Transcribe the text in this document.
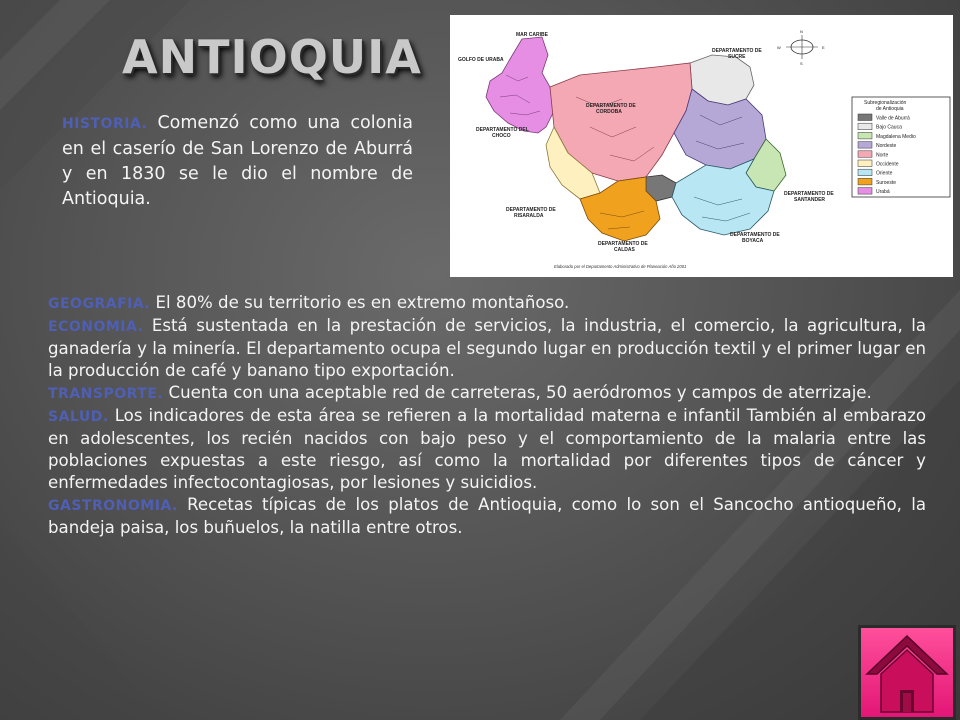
ANTIOQUIA
HISTORIA. Comenzó como una colonia en el caserío de San Lorenzo de Aburrá y en 1830 se le dio el nombre de Antioquia.
MAR CARIBE
GOLFO DE URABA
DEPARTAMENTO DE
SUCRE
DEPARTAMENTO DE
CORDOBA
DEPARTAMENTO DEL
CHOCO
DEPARTAMENTO DE
SANTANDER
DEPARTAMENTO DE
RISARALDA
DEPARTAMENTO DE
BOYACA
DEPARTAMENTO DE
CALDAS
Elaborado por el Departamento Administrativo de Planeación Año 2001
N
W	E
S
Subregionalización
de Antioquia
Valle de Aburrá
Bajo Cauca
Magdalena Medio
Nordeste
Norte
Occidente
Oriente
Suroeste
Urabá

GEOGRAFIA. El 80% de su territorio es en extremo montañoso.

ECONOMIA. Está sustentada en la prestación de servicios, la industria, el comercio, la agricultura, la ganadería y la minería. El departamento ocupa el segundo lugar en producción textil y el primer lugar en la producción de café y banano tipo exportación.

TRANSPORTE. Cuenta con una aceptable red de carreteras, 50 aeródromos y campos de aterrizaje.

SALUD. Los indicadores de esta área se refieren a la mortalidad materna e infantil También al embarazo en adolescentes, los recién nacidos con bajo peso y el comportamiento de la malaria entre las poblaciones expuestas a este riesgo, así como la mortalidad por diferentes tipos de cáncer y enfermedades infectocontagiosas, por lesiones y suicidios.

GASTRONOMIA. Recetas típicas de los platos de Antioquia, como lo son el Sancocho antioqueño, la bandeja paisa, los buñuelos, la natilla entre otros.
